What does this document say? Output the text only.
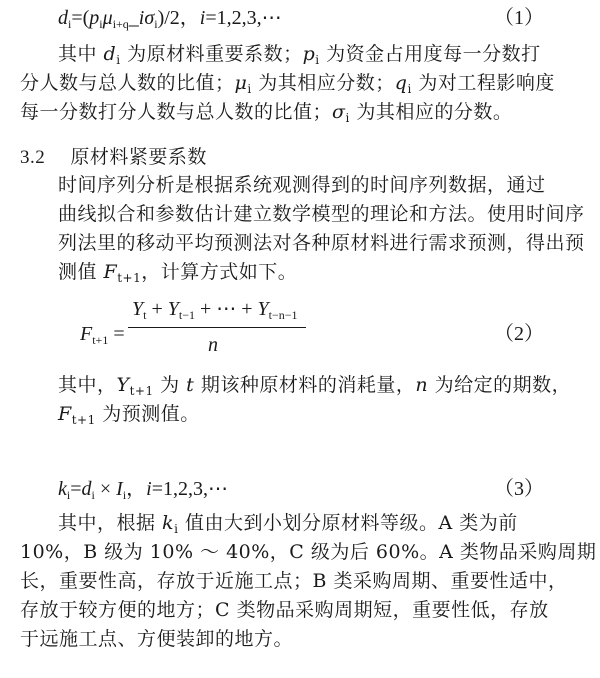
$d_i=(p_i\mu_{i+q}\_i\sigma_i)/2$，i=1,2,3,⋯	（1）
其中 $d_i$ 为原材料重要系数；$p_i$ 为资金占用度每一分数打
分人数与总人数的比值；$\mu_i$ 为其相应分数；$q_i$ 为对工程影响度
每一分数打分人数与总人数的比值；$\sigma_i$ 为其相应的分数。
3.2 原材料紧要系数
时间序列分析是根据系统观测得到的时间序列数据，通过
曲线拟合和参数估计建立数学模型的理论和方法。使用时间序
列法里的移动平均预测法对各种原材料进行需求预测，得出预
测值 $F_{t+1}$，计算方式如下。
$F_{t+1}$ =
$Y_t + Y_{t-1}$ + ⋯ + $Y_{t-n-1}$
n	（2）
其中，$Y_{t+1}$ 为 t 期该种原材料的消耗量，n 为给定的期数，
$F_{t+1}$ 为预测值。
$k_i=d_i \times I_i$，i=1,2,3,⋯	（3）
其中，根据 $k_i$ 值由大到小划分原材料等级。A 类为前
10%，B 级为 10% ～ 40%，C 级为后 60%。A 类物品采购周期
长，重要性高，存放于近施工点；B 类采购周期、重要性适中，
存放于较方便的地方；C 类物品采购周期短，重要性低，存放
于远施工点、方便装卸的地方。
